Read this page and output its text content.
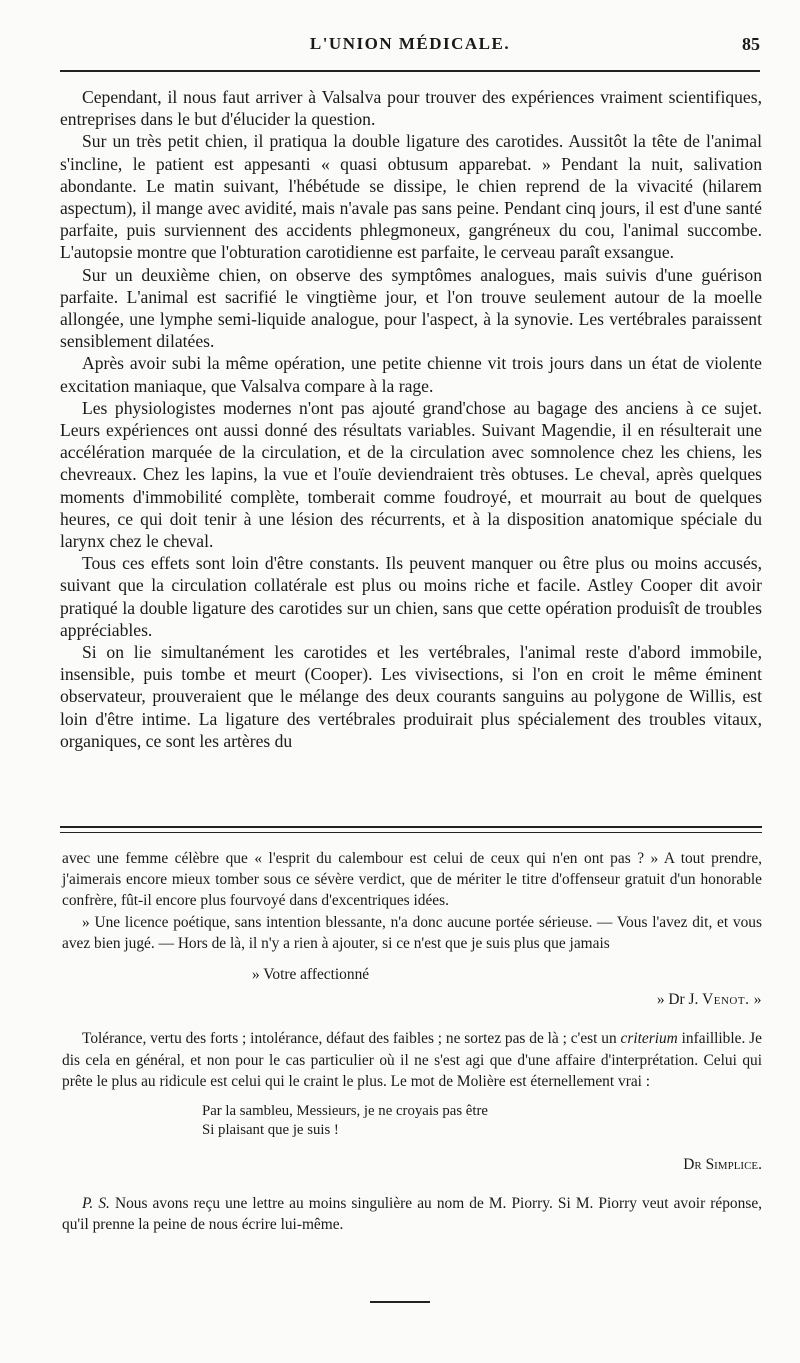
L'UNION MÉDICALE.	85

Cependant, il nous faut arriver à Valsalva pour trouver des expériences vraiment scientifiques, entreprises dans le but d'élucider la question.

Sur un très petit chien, il pratiqua la double ligature des carotides. Aussitôt la tête de l'animal s'incline, le patient est appesanti « quasi obtusum apparebat. » Pendant la nuit, salivation abondante. Le matin suivant, l'hébétude se dissipe, le chien reprend de la vivacité (hilarem aspectum), il mange avec avidité, mais n'avale pas sans peine. Pendant cinq jours, il est d'une santé parfaite, puis surviennent des accidents phlegmoneux, gangréneux du cou, l'animal succombe. L'autopsie montre que l'obturation carotidienne est parfaite, le cerveau paraît exsangue.

Sur un deuxième chien, on observe des symptômes analogues, mais suivis d'une guérison parfaite. L'animal est sacrifié le vingtième jour, et l'on trouve seulement autour de la moelle allongée, une lymphe semi-liquide analogue, pour l'aspect, à la synovie. Les vertébrales paraissent sensiblement dilatées.

Après avoir subi la même opération, une petite chienne vit trois jours dans un état de violente excitation maniaque, que Valsalva compare à la rage.

Les physiologistes modernes n'ont pas ajouté grand'chose au bagage des anciens à ce sujet. Leurs expériences ont aussi donné des résultats variables. Suivant Magendie, il en résulterait une accélération marquée de la circulation, et de la circulation avec somnolence chez les chiens, les chevreaux. Chez les lapins, la vue et l'ouïe deviendraient très obtuses. Le cheval, après quelques moments d'immobilité complète, tomberait comme foudroyé, et mourrait au bout de quelques heures, ce qui doit tenir à une lésion des récurrents, et à la disposition anatomique spéciale du larynx chez le cheval.

Tous ces effets sont loin d'être constants. Ils peuvent manquer ou être plus ou moins accusés, suivant que la circulation collatérale est plus ou moins riche et facile. Astley Cooper dit avoir pratiqué la double ligature des carotides sur un chien, sans que cette opération produisît de troubles appréciables.

Si on lie simultanément les carotides et les vertébrales, l'animal reste d'abord immobile, insensible, puis tombe et meurt (Cooper). Les vivisections, si l'on en croit le même éminent observateur, prouveraient que le mélange des deux courants sanguins au polygone de Willis, est loin d'être intime. La ligature des vertébrales produirait plus spécialement des troubles vitaux, organiques, ce sont les artères du

avec une femme célèbre que « l'esprit du calembour est celui de ceux qui n'en ont pas ? » A tout prendre, j'aimerais encore mieux tomber sous ce sévère verdict, que de mériter le titre d'offenseur gratuit d'un honorable confrère, fût-il encore plus fourvoyé dans d'excentriques idées.

» Une licence poétique, sans intention blessante, n'a donc aucune portée sérieuse. — Vous l'avez dit, et vous avez bien jugé. — Hors de là, il n'y a rien à ajouter, si ce n'est que je suis plus que jamais

» Votre affectionné

» Dr J. Venot. »

Tolérance, vertu des forts ; intolérance, défaut des faibles ; ne sortez pas de là ; c'est un criterium infaillible. Je dis cela en général, et non pour le cas particulier où il ne s'est agi que d'une affaire d'interprétation. Celui qui prête le plus au ridicule est celui qui le craint le plus. Le mot de Molière est éternellement vrai :

Par la sambleu, Messieurs, je ne croyais pas être
Si plaisant que je suis !

Dr Simplice.

P. S. Nous avons reçu une lettre au moins singulière au nom de M. Piorry. Si M. Piorry veut avoir réponse, qu'il prenne la peine de nous écrire lui-même.
